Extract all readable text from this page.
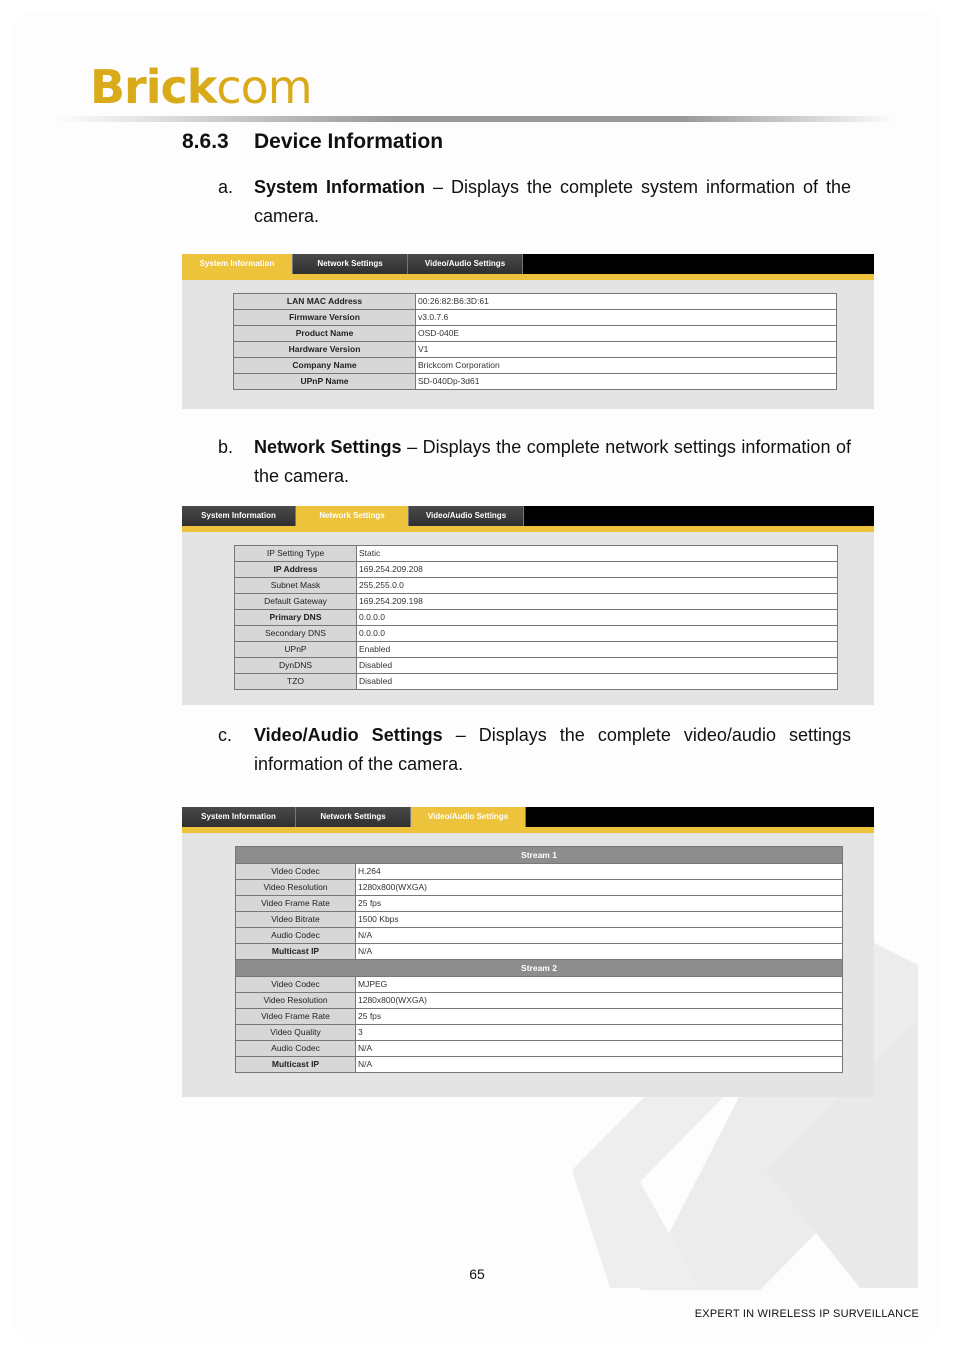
Brickcom
8.6.3 Device Information
a. System Information – Displays the complete system information of the camera.
System Information	Network Settings	Video/Audio Settings
LAN MAC Address	00:26:82:B6:3D:61
Firmware Version	v3.0.7.6
Product Name	OSD-040E
Hardware Version	V1
Company Name	Brickcom Corporation
UPnP Name	SD-040Dp-3d61
b. Network Settings – Displays the complete network settings information of the camera.
System Information	Network Settings	Video/Audio Settings
IP Setting Type	Static
IP Address	169.254.209.208
Subnet Mask	255.255.0.0
Default Gateway	169.254.209.198
Primary DNS	0.0.0.0
Secondary DNS	0.0.0.0
UPnP	Enabled
DynDNS	Disabled
TZO	Disabled
c. Video/Audio Settings – Displays the complete video/audio settings information of the camera.
System Information	Network Settings	Video/Audio Settings
Stream 1	
Video Codec	H.264
Video Resolution	1280x800(WXGA)
Video Frame Rate	25 fps
Video Bitrate	1500 Kbps
Audio Codec	N/A
Multicast IP	N/A
Stream 2	
Video Codec	MJPEG
Video Resolution	1280x800(WXGA)
Video Frame Rate	25 fps
Video Quality	3
Audio Codec	N/A
Multicast IP	N/A
65
EXPERT IN WIRELESS IP SURVEILLANCE
